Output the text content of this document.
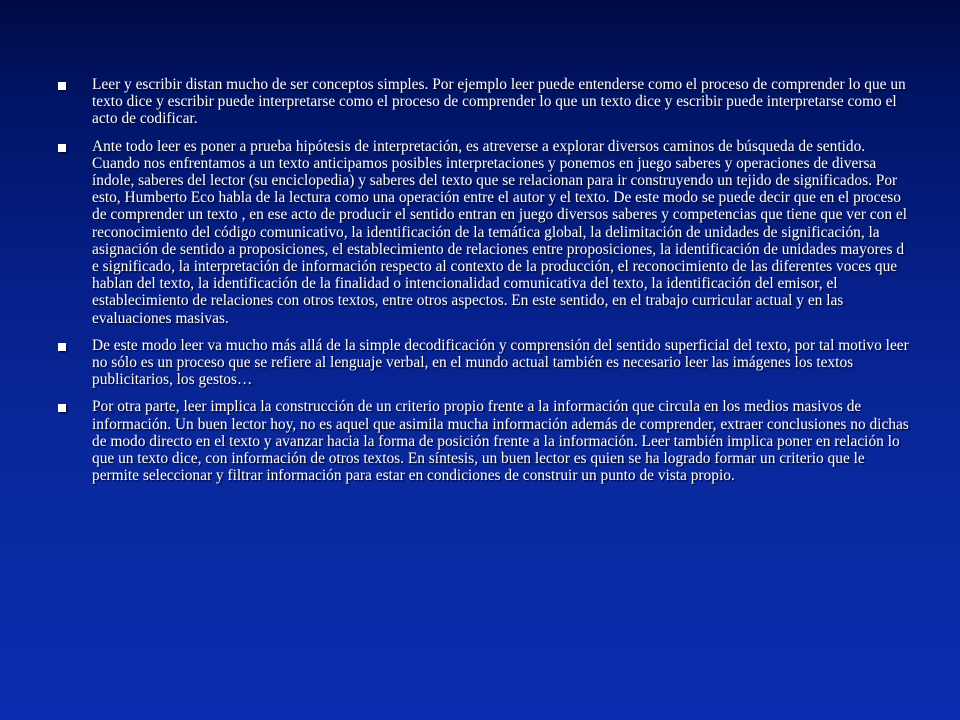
Leer y escribir distan mucho de ser conceptos simples. Por ejemplo leer puede entenderse como el proceso de comprender lo que un texto dice y escribir puede interpretarse como el proceso de comprender lo que un texto dice y escribir puede interpretarse como el acto de codificar.
Ante todo leer es poner a prueba hipótesis de interpretación, es atreverse a explorar diversos caminos de búsqueda de sentido. Cuando nos enfrentamos a un texto anticipamos posibles interpretaciones y ponemos en juego saberes y operaciones de diversa índole, saberes del lector (su enciclopedia) y saberes del texto que se relacionan para ir construyendo un tejido de significados. Por esto, Humberto Eco habla de la lectura como una operación entre el autor y el texto. De este modo se puede decir que en el proceso de comprender un texto , en ese acto de producir el sentido entran en juego diversos saberes y competencias que tiene que ver con el reconocimiento del código comunicativo, la identificación de la temática global, la delimitación de unidades de significación, la asignación de sentido a proposiciones, el establecimiento de relaciones entre proposiciones, la identificación de unidades mayores d e significado, la interpretación de información respecto al contexto de la producción, el reconocimiento de las diferentes voces que hablan del texto, la identificación de la finalidad o intencionalidad comunicativa del texto, la identificación del emisor, el establecimiento de relaciones con otros textos, entre otros aspectos. En este sentido, en el trabajo curricular actual y en las evaluaciones masivas.
De este modo leer va mucho más allá de la simple decodificación y comprensión del sentido superficial del texto, por tal motivo leer no sólo es un proceso que se refiere al lenguaje verbal, en el mundo actual también es necesario leer las imágenes los textos publicitarios, los gestos…
Por otra parte, leer implica la construcción de un criterio propio frente a la información que circula en los medios masivos de información. Un buen lector hoy, no es aquel que asimila mucha información además de comprender, extraer conclusiones no dichas de modo directo en el texto y avanzar hacia la forma de posición frente a la información. Leer también implica poner en relación lo que un texto dice, con información de otros textos. En síntesis, un buen lector es quien se ha logrado formar un criterio que le permite seleccionar y filtrar información para estar en condiciones de construir un punto de vista propio.
